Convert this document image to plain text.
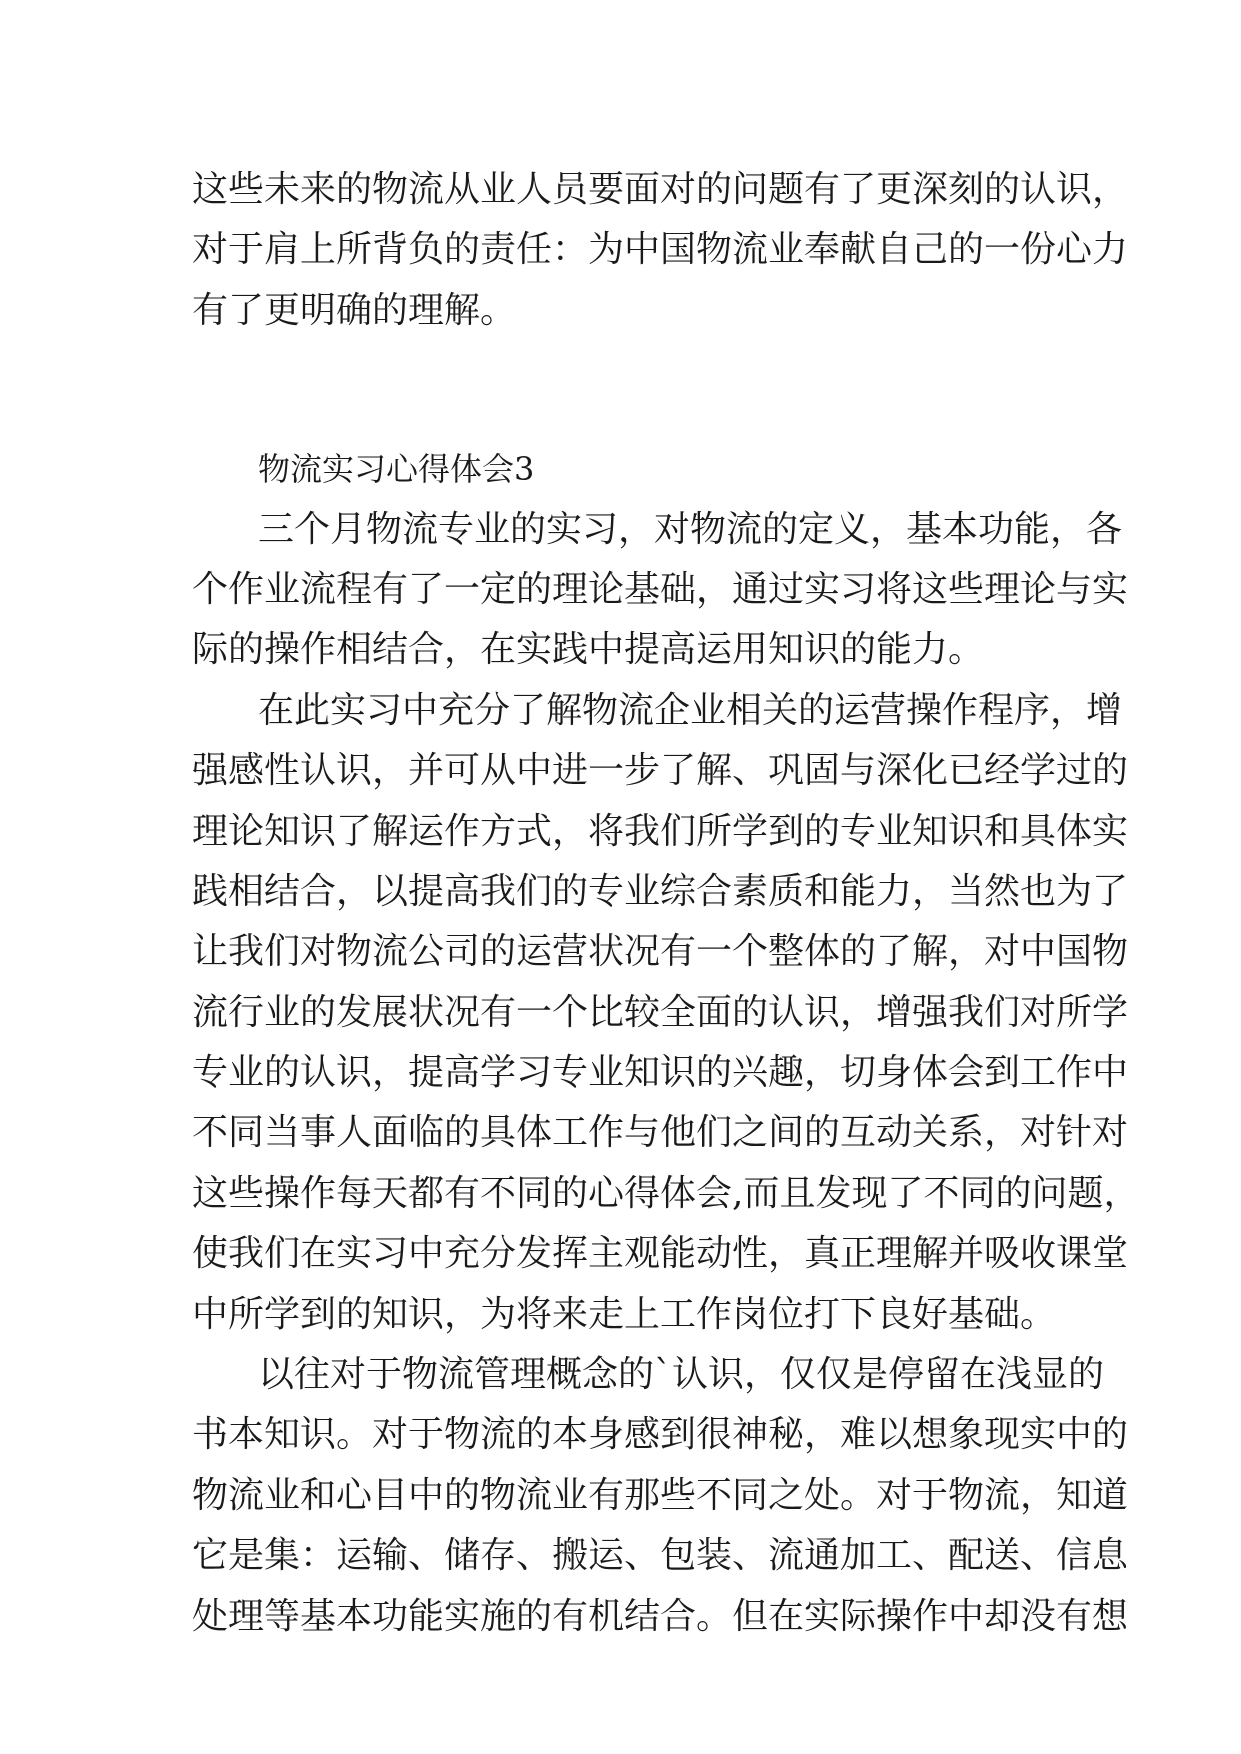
这些未来的物流从业人员要面对的问题有了更深刻的认识，
对于肩上所背负的责任：为中国物流业奉献自己的一份心力
有了更明确的理解。
物流实习心得体会3
三个月物流专业的实习，对物流的定义，基本功能，各
个作业流程有了一定的理论基础，通过实习将这些理论与实
际的操作相结合，在实践中提高运用知识的能力。
在此实习中充分了解物流企业相关的运营操作程序，增
强感性认识，并可从中进一步了解、巩固与深化已经学过的
理论知识了解运作方式，将我们所学到的专业知识和具体实
践相结合，以提高我们的专业综合素质和能力，当然也为了
让我们对物流公司的运营状况有一个整体的了解，对中国物
流行业的发展状况有一个比较全面的认识，增强我们对所学
专业的认识，提高学习专业知识的兴趣，切身体会到工作中
不同当事人面临的具体工作与他们之间的互动关系，对针对
这些操作每天都有不同的心得体会,而且发现了不同的问题，
使我们在实习中充分发挥主观能动性，真正理解并吸收课堂
中所学到的知识，为将来走上工作岗位打下良好基础。
以往对于物流管理概念的`认识，仅仅是停留在浅显的
书本知识。对于物流的本身感到很神秘，难以想象现实中的
物流业和心目中的物流业有那些不同之处。对于物流，知道
它是集：运输、储存、搬运、包装、流通加工、配送、信息
处理等基本功能实施的有机结合。但在实际操作中却没有想
